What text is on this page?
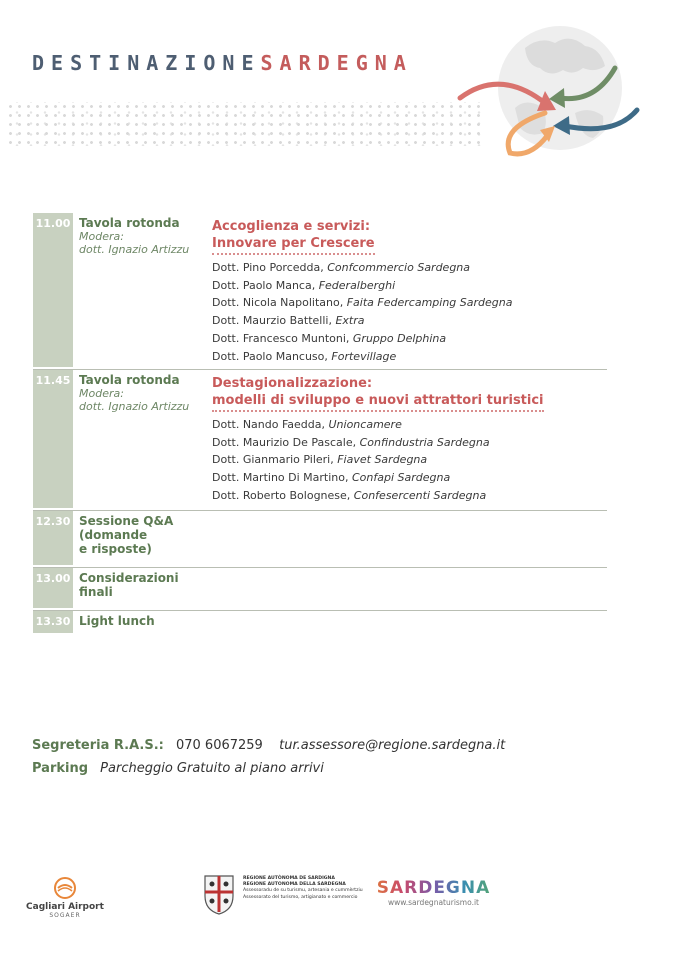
DESTINAZIONESARDEGNA
11.00 Tavola rotonda
Modera:
dott. Ignazio Artizzu
Accoglienza e servizi:
Innovare per Crescere
Dott. Pino Porcedda, Confcommercio Sardegna
Dott. Paolo Manca, Federalberghi
Dott. Nicola Napolitano, Faita Federcamping Sardegna
Dott. Maurzio Battelli, Extra
Dott. Francesco Muntoni, Gruppo Delphina
Dott. Paolo Mancuso, Fortevillage
11.45 Tavola rotonda
Modera:
dott. Ignazio Artizzu
Destagionalizzazione:
modelli di sviluppo e nuovi attrattori turistici
Dott. Nando Faedda, Unioncamere
Dott. Maurizio De Pascale, Confindustria Sardegna
Dott. Gianmario Pileri, Fiavet Sardegna
Dott. Martino Di Martino, Confapi Sardegna
Dott. Roberto Bolognese, Confesercenti Sardegna
12.30 Sessione Q&A
(domande
e risposte)
13.00 Considerazioni
finali
13.30 Light lunch
Segreteria R.A.S.: 070 6067259 tur.assessore@regione.sardegna.it
Parking Parcheggio Gratuito al piano arrivi
Cagliari Airport
SOGAER
REGIONE AUTÒNOMA DE SARDIGNA
REGIONE AUTONOMA DELLA SARDEGNA
Assessoradu de su turismu, artesania e cummèrtziu
Assessorato del turismo, artigianato e commercio	SARDEGNA
www.sardegnaturismo.it
